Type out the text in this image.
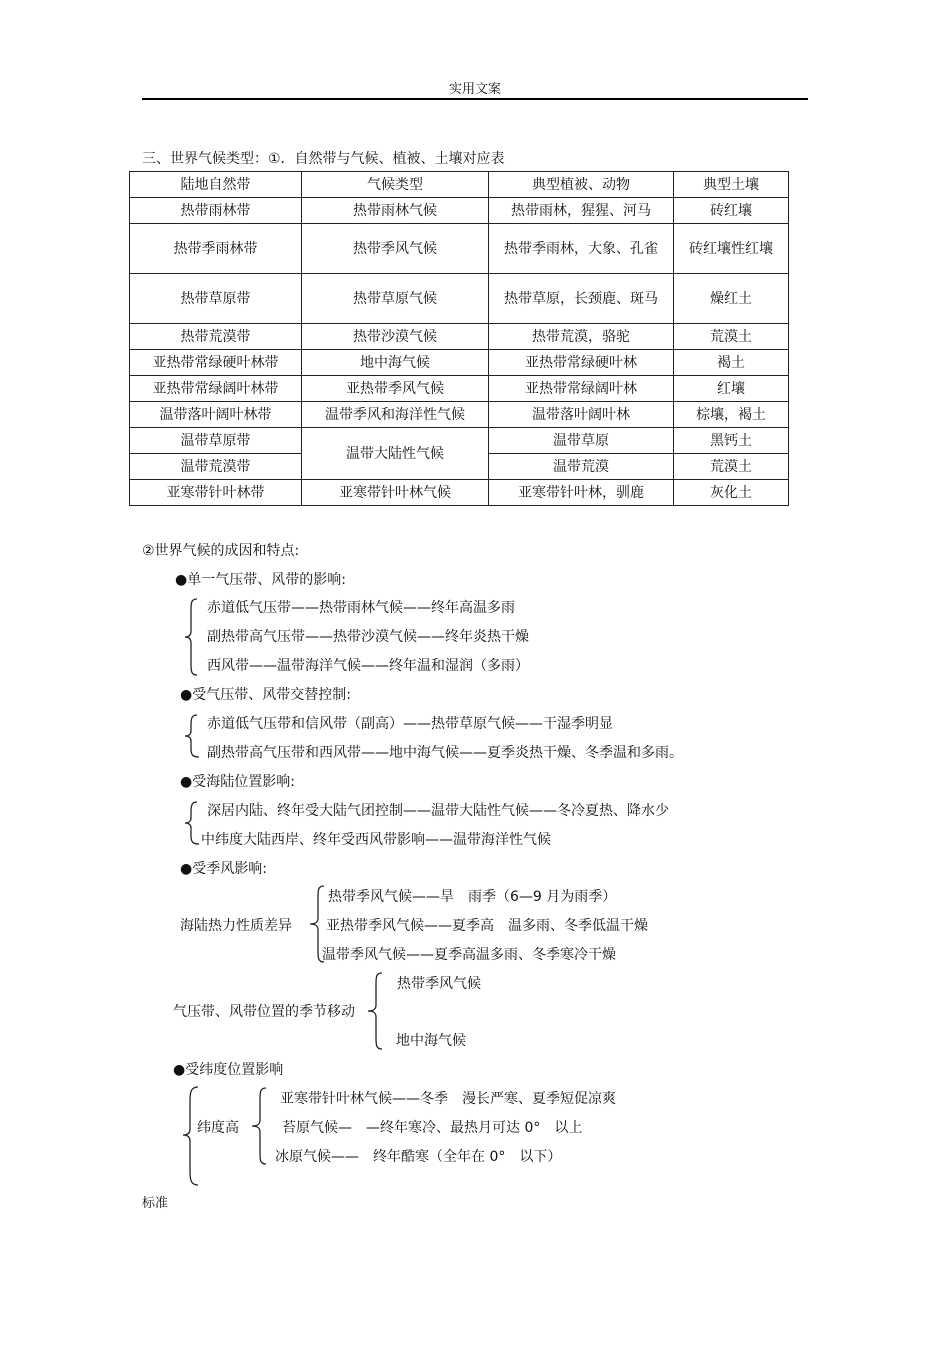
实用文案
三、世界气候类型：①．自然带与气候、植被、土壤对应表
陆地自然带	气候类型	典型植被、动物	典型土壤
热带雨林带	热带雨林气候	热带雨林，猩猩、河马	砖红壤
热带季雨林带	热带季风气候	热带季雨林，大象、孔雀	砖红壤性红壤
热带草原带	热带草原气候	热带草原，长颈鹿、斑马	燥红土
热带荒漠带	热带沙漠气候	热带荒漠，骆驼	荒漠土
亚热带常绿硬叶林带	地中海气候	亚热带常绿硬叶林	褐土
亚热带常绿阔叶林带	亚热带季风气候	亚热带常绿阔叶林	红壤
温带落叶阔叶林带	温带季风和海洋性气候	温带落叶阔叶林	棕壤，褐土
温带草原带	温带大陆性气候	温带草原	黑钙土
温带荒漠带		温带荒漠	荒漠土
亚寒带针叶林带	亚寒带针叶林气候	亚寒带针叶林，驯鹿	灰化土
②世界气候的成因和特点:
●单一气压带、风带的影响:
赤道低气压带——热带雨林气候——终年高温多雨
副热带高气压带——热带沙漠气候——终年炎热干燥
西风带——温带海洋气候——终年温和湿润（多雨）
●受气压带、风带交替控制:
赤道低气压带和信风带（副高）——热带草原气候——干湿季明显
副热带高气压带和西风带——地中海气候——夏季炎热干燥、冬季温和多雨。
●受海陆位置影响:
深居内陆、终年受大陆气团控制——温带大陆性气候——冬冷夏热、降水少
中纬度大陆西岸、终年受西风带影响——温带海洋性气候
●受季风影响:
海陆热力性质差异
热带季风气候——旱　雨季（6—9 月为雨季）
亚热带季风气候——夏季高　温多雨、冬季低温干燥
温带季风气候——夏季高温多雨、冬季寒冷干燥
气压带、风带位置的季节移动
热带季风气候
地中海气候
●受纬度位置影响
纬度高
亚寒带针叶林气候——冬季　漫长严寒、夏季短促凉爽
苔原气候—　—终年寒冷、最热月可达 0°　以上
冰原气候——　终年酷寒（全年在 0°　以下）
标准
